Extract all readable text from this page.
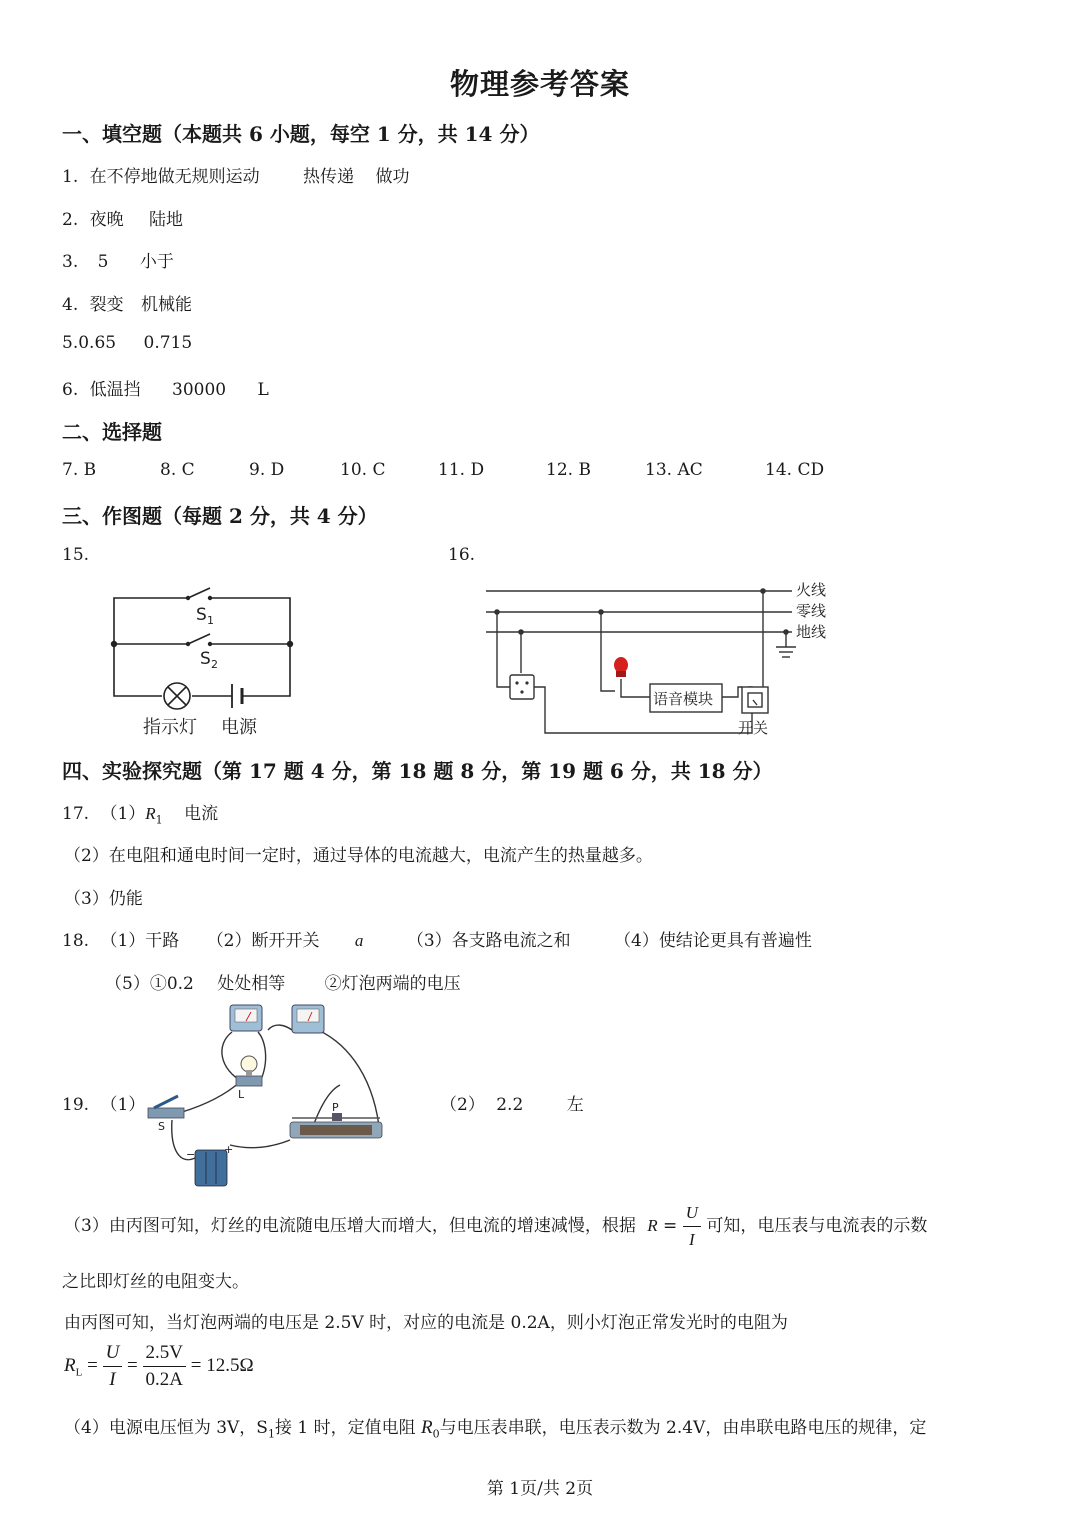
物理参考答案
一、填空题（本题共 6 小题，每空 1 分，共 14 分）
1. 在不停地做无规则运动	热传递 做功
2. 夜晚 陆地
3. 5 小于
4. 裂变 机械能
5.0.65 0.715
6. 低温挡 30000 L
二、选择题
7. B	8. C	9. D	10. C	11. D	12. B	13. AC	14. CD
三、作图题（每题 2 分，共 4 分）
15.	16.
S 1
S 2
指示灯 电源
火线
零线
地线
语音模块
开关
四、实验探究题（第 17 题 4 分，第 18 题 8 分，第 19 题 6 分，共 18 分）
17. $(1)R_1$ 电流
（2）在电阻和通电时间一定时，通过导体的电流越大，电流产生的热量越多。
（3）仍能
18. （1）干路 （2）断开开关 a	（3）各支路电流之和	（4）使结论更具有普遍性
（5）①0.2 处处相等 ②灯泡两端的电压
19. （1）
L
S
P
−	+
（2） 2.2	左
（3）由丙图可知，灯丝的电流随电压增大而增大，但电流的增速减慢，根据 $R = \frac{U}{I}$ 可知，电压表与电流表的示数
之比即灯丝的电阻变大。
由丙图可知，当灯泡两端的电压是 2.5V 时，对应的电流是 0.2A，则小灯泡正常发光时的电阻为
$R_L = \frac{U}{I} = \frac{2.5V}{0.2A} = 12.5\Omega$
（4）电源电压恒为 3V，$S_1$接 1 时，定值电阻 $R_0$与电压表串联，电压表示数为 2.4V，由串联电路电压的规律，定
第 1页/共 2页
